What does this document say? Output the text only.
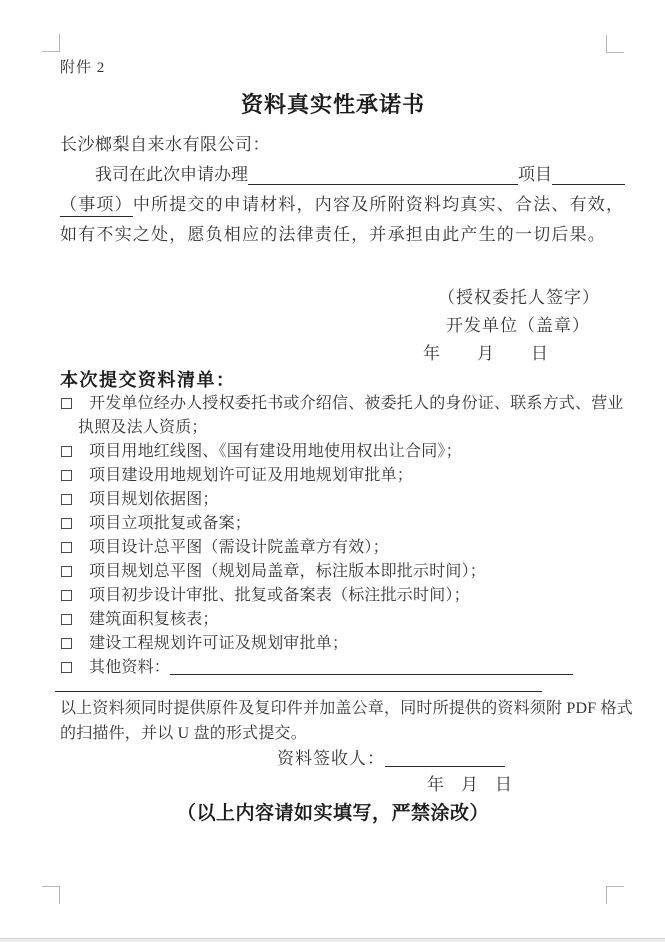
附件 2
资料真实性承诺书
长沙榔梨自来水有限公司：
我司在此次申请办理	项目
（事项）中所提交的申请材料，内容及所附资料均真实、合法、有效，
如有不实之处，愿负相应的法律责任，并承担由此产生的一切后果。
（授权委托人签字）
开发单位（盖章）
年　　月　　日
本次提交资料清单：
开发单位经办人授权委托书或介绍信、被委托人的身份证、联系方式、营业
执照及法人资质；
项目用地红线图、《国有建设用地使用权出让合同》；
项目建设用地规划许可证及用地规划审批单；
项目规划依据图；
项目立项批复或备案；
项目设计总平图（需设计院盖章方有效）；
项目规划总平图（规划局盖章，标注版本即批示时间）；
项目初步设计审批、批复或备案表（标注批示时间）；
建筑面积复核表；
建设工程规划许可证及规划审批单；
其他资料：
以上资料须同时提供原件及复印件并加盖公章，同时所提供的资料须附 PDF 格式
的扫描件，并以 U 盘的形式提交。
资料签收人：
年　月　日
（以上内容请如实填写，严禁涂改）
